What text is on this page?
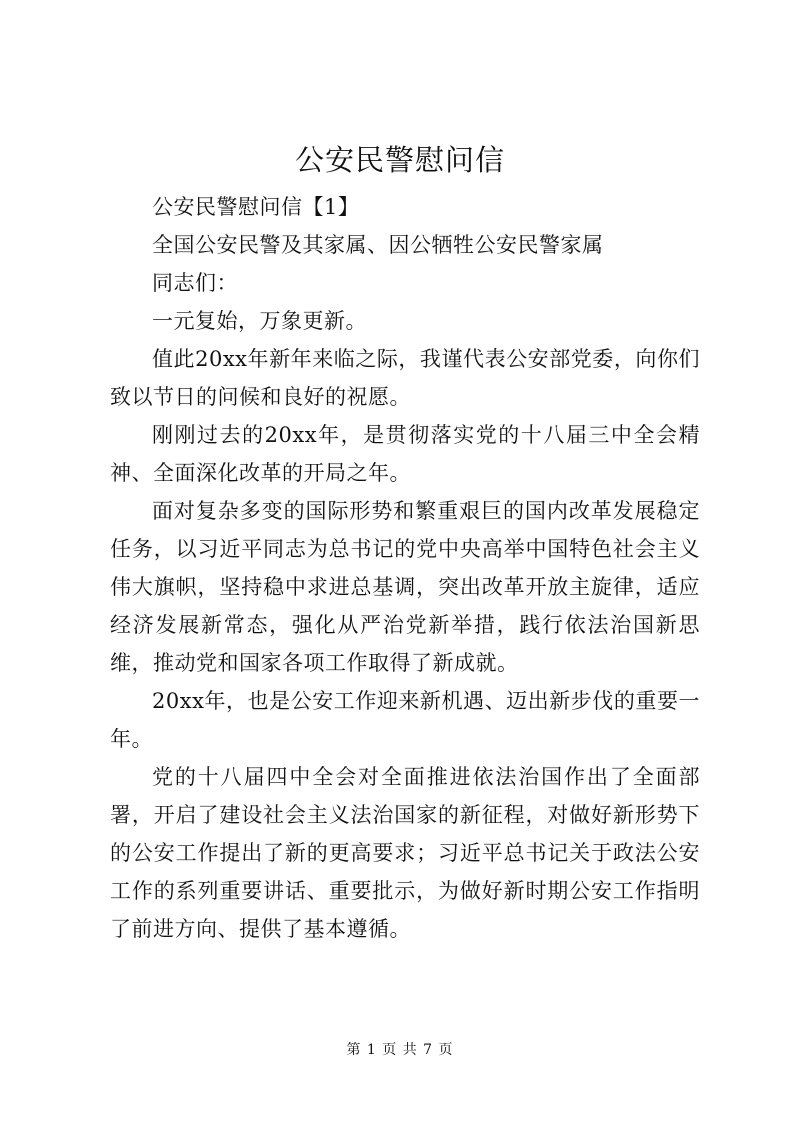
公安民警慰问信

公安民警慰问信【1】

全国公安民警及其家属、因公牺牲公安民警家属

同志们：

一元复始，万象更新。

值此20xx年新年来临之际，我谨代表公安部党委，向你们致以节日的问候和良好的祝愿。

刚刚过去的20xx年，是贯彻落实党的十八届三中全会精神、全面深化改革的开局之年。

面对复杂多变的国际形势和繁重艰巨的国内改革发展稳定任务，以习近平同志为总书记的党中央高举中国特色社会主义伟大旗帜，坚持稳中求进总基调，突出改革开放主旋律，适应经济发展新常态，强化从严治党新举措，践行依法治国新思维，推动党和国家各项工作取得了新成就。

20xx年，也是公安工作迎来新机遇、迈出新步伐的重要一年。

党的十八届四中全会对全面推进依法治国作出了全面部署，开启了建设社会主义法治国家的新征程，对做好新形势下的公安工作提出了新的更高要求；习近平总书记关于政法公安工作的系列重要讲话、重要批示，为做好新时期公安工作指明了前进方向、提供了基本遵循。

第 1 页 共 7 页
